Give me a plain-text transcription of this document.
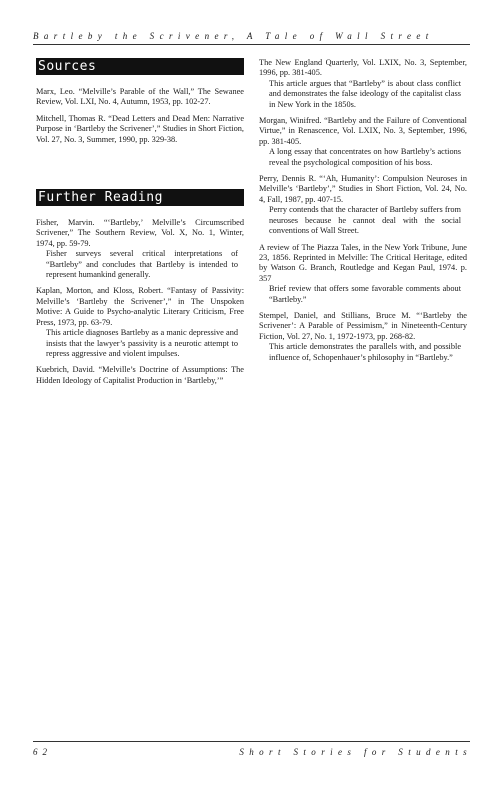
Bartleby the Scrivener, A Tale of Wall Street
Sources
Marx, Leo. “Melville’s Parable of the Wall,” The Sewanee Review, Vol. LXI, No. 4, Autumn, 1953, pp. 102-27.
Mitchell, Thomas R. “Dead Letters and Dead Men: Narrative Purpose in ‘Bartleby the Scrivener’,” Studies in Short Fiction, Vol. 27, No. 3, Summer, 1990, pp. 329-38.
Further Reading
Fisher, Marvin. “‘Bartleby,’ Melville’s Circumscribed Scrivener,” The Southern Review, Vol. X, No. 1, Winter, 1974, pp. 59-79.
Fisher surveys several critical interpretations of “Bartleby” and concludes that Bartleby is intended to represent humankind generally.
Kaplan, Morton, and Kloss, Robert. “Fantasy of Passivity: Melville’s ‘Bartleby the Scrivener’,” in The Unspoken Motive: A Guide to Psycho-analytic Literary Criticism, Free Press, 1973, pp. 63-79.
This article diagnoses Bartleby as a manic depressive and insists that the lawyer’s passivity is a neurotic attempt to repress aggressive and violent impulses.
Kuebrich, David. “Melville’s Doctrine of Assumptions: The Hidden Ideology of Capitalist Production in ‘Bartleby,’”
The New England Quarterly, Vol. LXIX, No. 3, September, 1996, pp. 381-405.
This article argues that “Bartleby” is about class conflict and demonstrates the false ideology of the capitalist class in New York in the 1850s.
Morgan, Winifred. “Bartleby and the Failure of Conventional Virtue,” in Renascence, Vol. LXIX, No. 3, September, 1996, pp. 381-405.
A long essay that concentrates on how Bartleby’s actions reveal the psychological composition of his boss.
Perry, Dennis R. “‘Ah, Humanity’: Compulsion Neuroses in Melville’s ‘Bartleby’,” Studies in Short Fiction, Vol. 24, No. 4, Fall, 1987, pp. 407-15.
Perry contends that the character of Bartleby suffers from neuroses because he cannot deal with the social conventions of Wall Street.
A review of The Piazza Tales, in the New York Tribune, June 23, 1856. Reprinted in Melville: The Critical Heritage, edited by Watson G. Branch, Routledge and Kegan Paul, 1974. p. 357
Brief review that offers some favorable comments about “Bartleby.”
Stempel, Daniel, and Stillians, Bruce M. “‘Bartleby the Scrivener’: A Parable of Pessimism,” in Nineteenth-Century Fiction, Vol. 27, No. 1, 1972-1973, pp. 268-82.
This article demonstrates the parallels with, and possible influence of, Schopenhauer’s philosophy in “Bartleby.”
62	Short Stories for Students
